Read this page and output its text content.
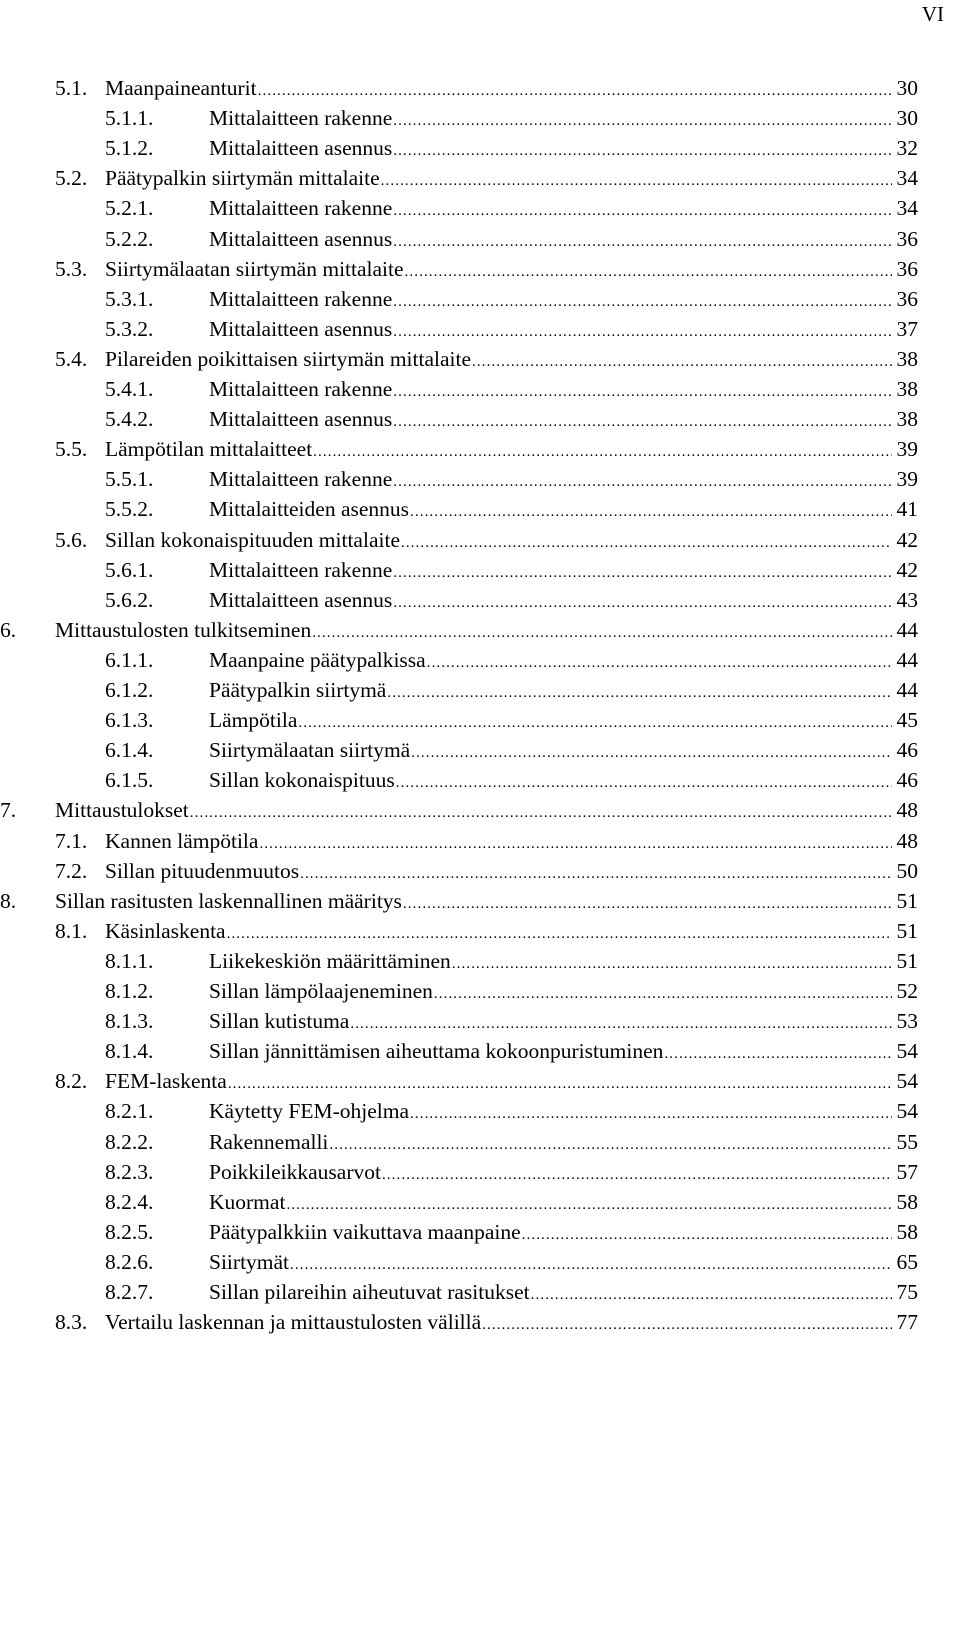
VI
5.1. Maanpaineanturit .....	30
5.1.1.	Mittalaitteen rakenne .....	30
5.1.2.	Mittalaitteen asennus .....	32
5.2. Päätypalkin siirtymän mittalaite .....	34
5.2.1.	Mittalaitteen rakenne .....	34
5.2.2.	Mittalaitteen asennus .....	36
5.3. Siirtymälaatan siirtymän mittalaite .....	36
5.3.1.	Mittalaitteen rakenne .....	36
5.3.2.	Mittalaitteen asennus .....	37
5.4. Pilareiden poikittaisen siirtymän mittalaite .....	38
5.4.1.	Mittalaitteen rakenne .....	38
5.4.2.	Mittalaitteen asennus .....	38
5.5. Lämpötilan mittalaitteet .....	39
5.5.1.	Mittalaitteen rakenne .....	39
5.5.2.	Mittalaitteiden asennus .....	41
5.6. Sillan kokonaispituuden mittalaite .....	42
5.6.1.	Mittalaitteen rakenne .....	42
5.6.2.	Mittalaitteen asennus .....	43
6.	Mittaustulosten tulkitseminen .....	44
6.1.1.	Maanpaine päätypalkissa .....	44
6.1.2.	Päätypalkin siirtymä .....	44
6.1.3.	Lämpötila .....	45
6.1.4.	Siirtymälaatan siirtymä .....	46
6.1.5.	Sillan kokonaispituus .....	46
7.	Mittaustulokset .....	48
7.1. Kannen lämpötila .....	48
7.2. Sillan pituudenmuutos .....	50
8.	Sillan rasitusten laskennallinen määritys .....	51
8.1. Käsinlaskenta .....	51
8.1.1.	Liikekeskiön määrittäminen .....	51
8.1.2.	Sillan lämpölaajeneminen .....	52
8.1.3.	Sillan kutistuma .....	53
8.1.4.	Sillan jännittämisen aiheuttama kokoonpuristuminen .....	54
8.2. FEM-laskenta .....	54
8.2.1.	Käytetty FEM-ohjelma .....	54
8.2.2.	Rakennemalli .....	55
8.2.3.	Poikkileikkausarvot .....	57
8.2.4.	Kuormat .....	58
8.2.5.	Päätypalkkiin vaikuttava maanpaine .....	58
8.2.6.	Siirtymät .....	65
8.2.7.	Sillan pilareihin aiheutuvat rasitukset .....	75
8.3. Vertailu laskennan ja mittaustulosten välillä .....	77
